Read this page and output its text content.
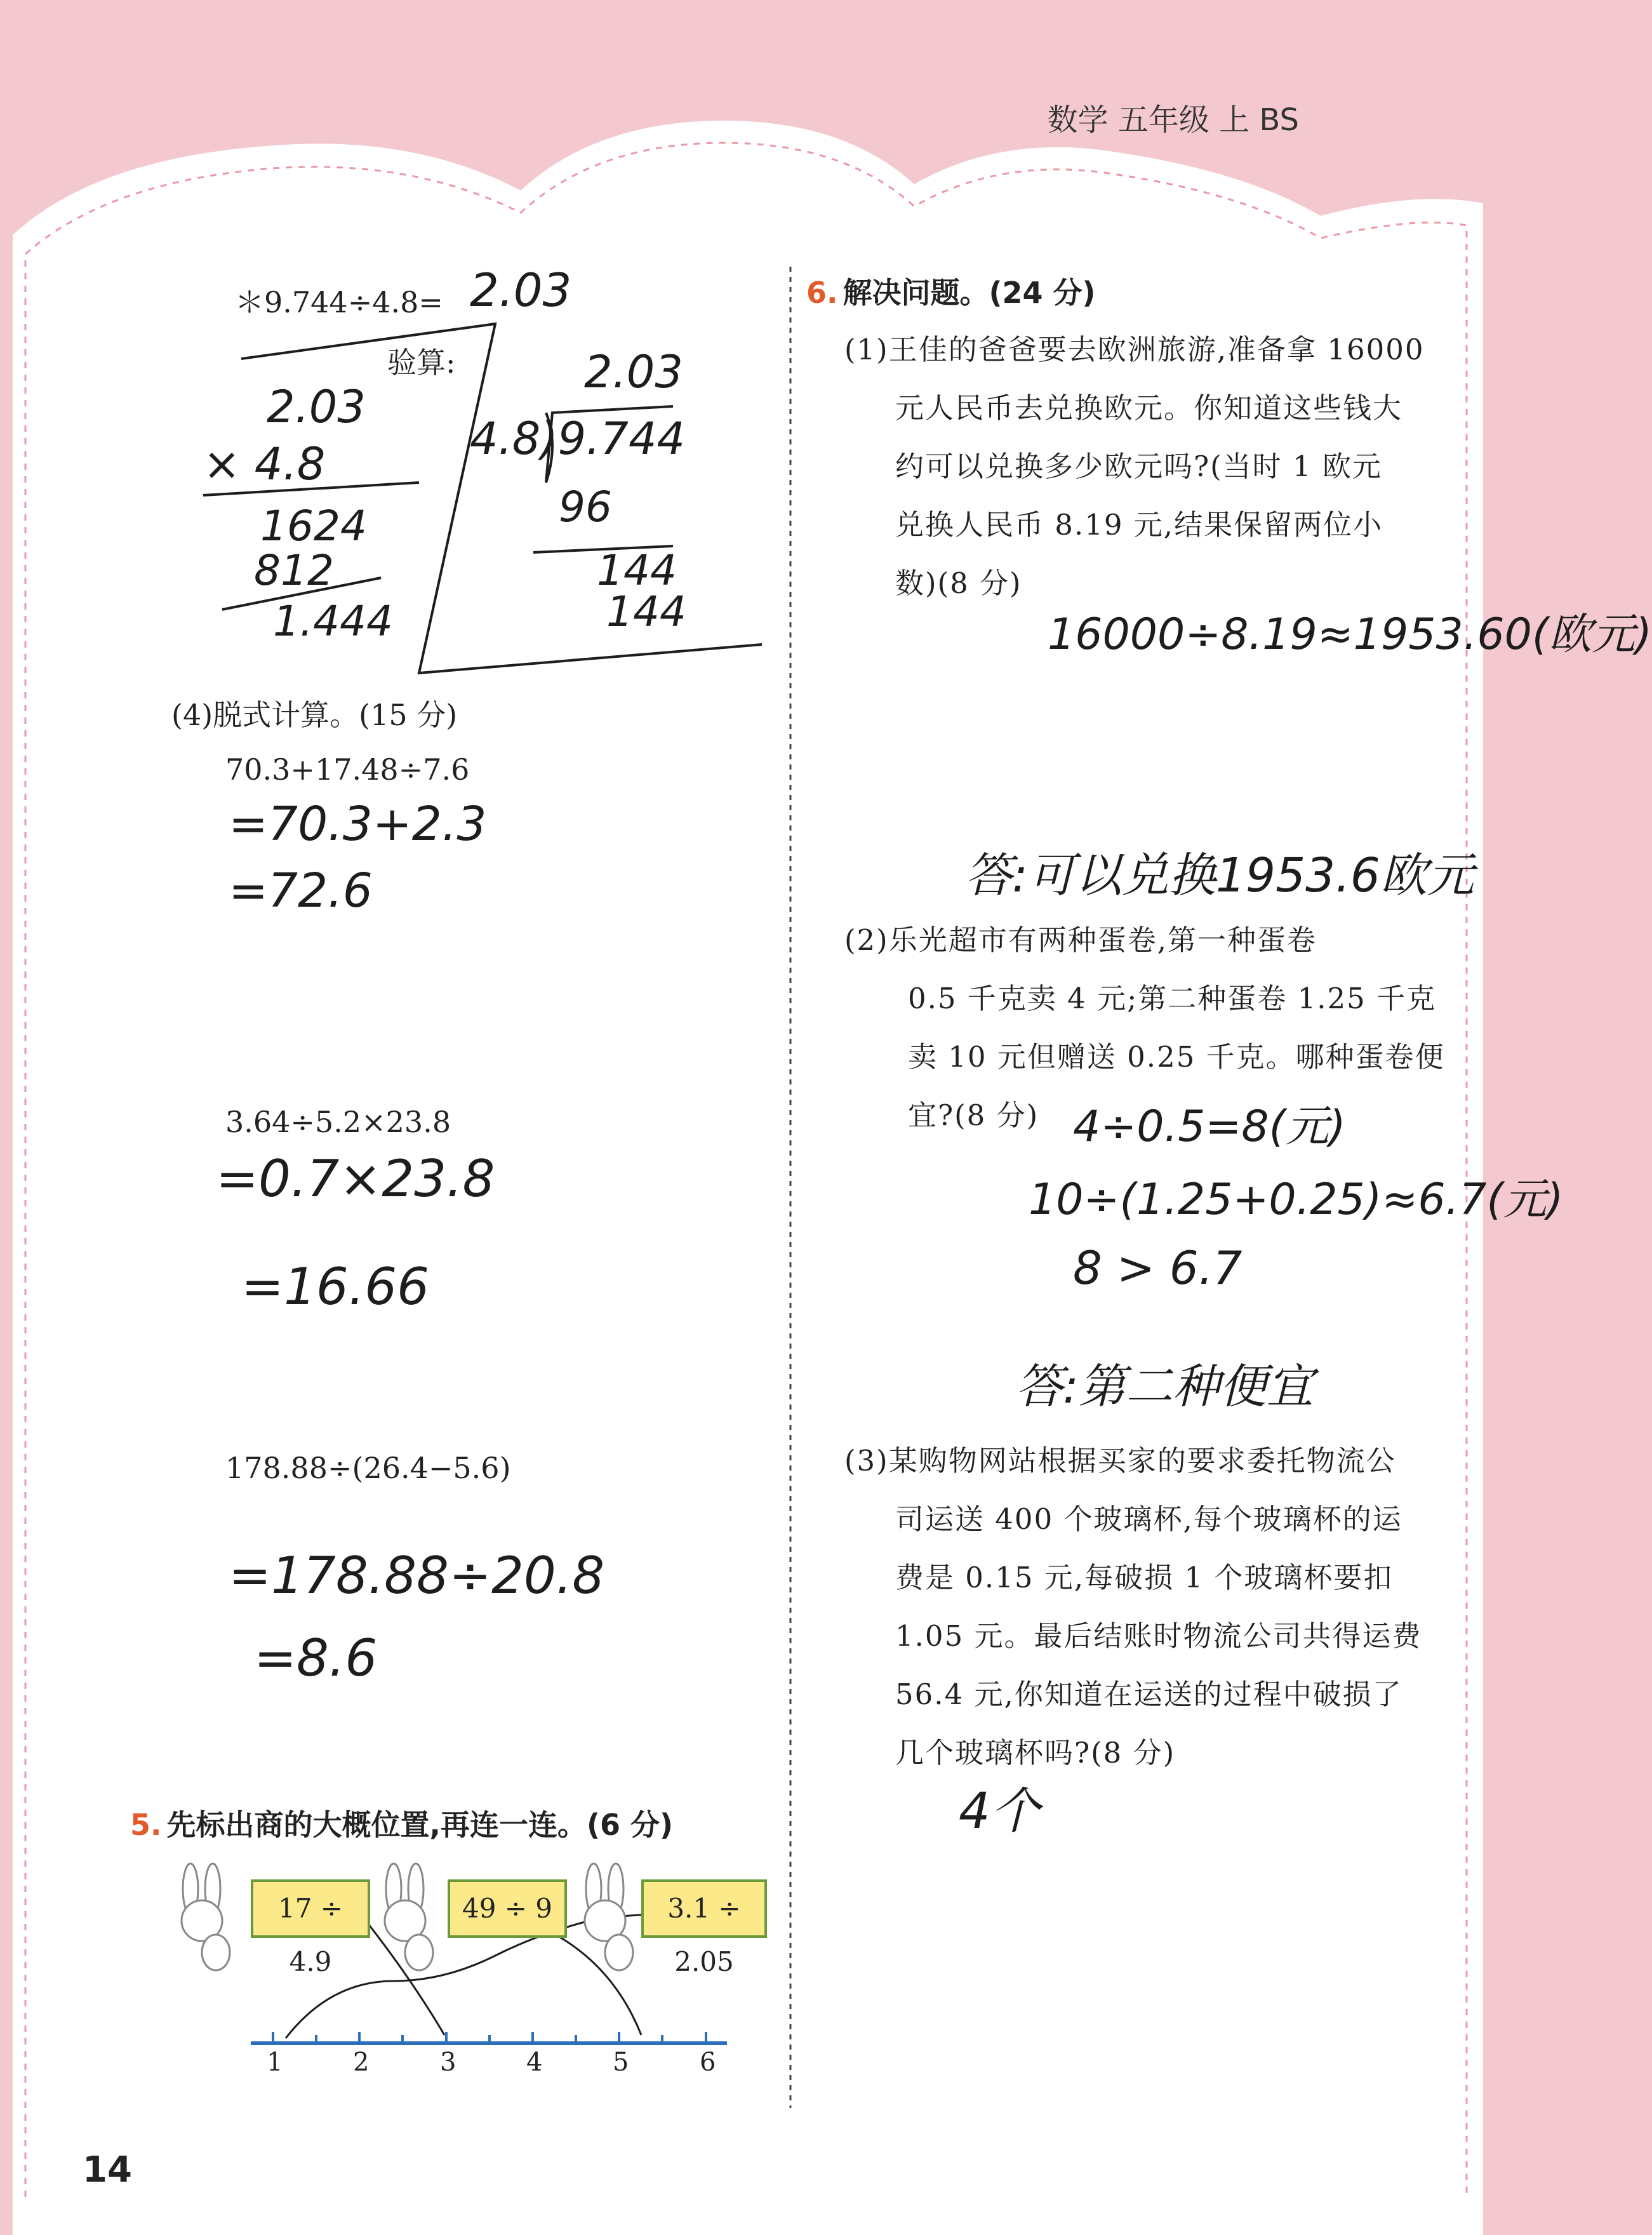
数学 五年级 上 BS
＊9.744÷4.8= 2.03
验算:
2.03
× 4.8
1624
812
1.444
2.03
4.8)9.744
96
144
144
(4)脱式计算。(15 分)
70.3+17.48÷7.6
=70.3+2.3
=72.6
3.64÷5.2×23.8
=0.7×23.8
=16.66
178.88÷(26.4−5.6)
=178.88÷20.8
=8.6
5. 先标出商的大概位置,再连一连。(6 分)
17 ÷ 4.9
49 ÷ 9	3.1 ÷ 2.05
1	2	3	4	5	6
6. 解决问题。(24 分)
(1)王佳的爸爸要去欧洲旅游,准备拿 16000
元人民币去兑换欧元。你知道这些钱大
约可以兑换多少欧元吗?(当时 1 欧元
兑换人民币 8.19 元,结果保留两位小
数)(8 分)
16000÷8.19≈1953.60(欧元)
答:可以兑换1953.6欧元
(2)乐光超市有两种蛋卷,第一种蛋卷
0.5 千克卖 4 元;第二种蛋卷 1.25 千克
卖 10 元但赠送 0.25 千克。哪种蛋卷便
宜?(8 分) 4÷0.5=8(元)
10÷(1.25+0.25)≈6.7(元)
8 > 6.7
答:第二种便宜
(3)某购物网站根据买家的要求委托物流公
司运送 400 个玻璃杯,每个玻璃杯的运
费是 0.15 元,每破损 1 个玻璃杯要扣
1.05 元。最后结账时物流公司共得运费
56.4 元,你知道在运送的过程中破损了
几个玻璃杯吗?(8 分)
4个
14
